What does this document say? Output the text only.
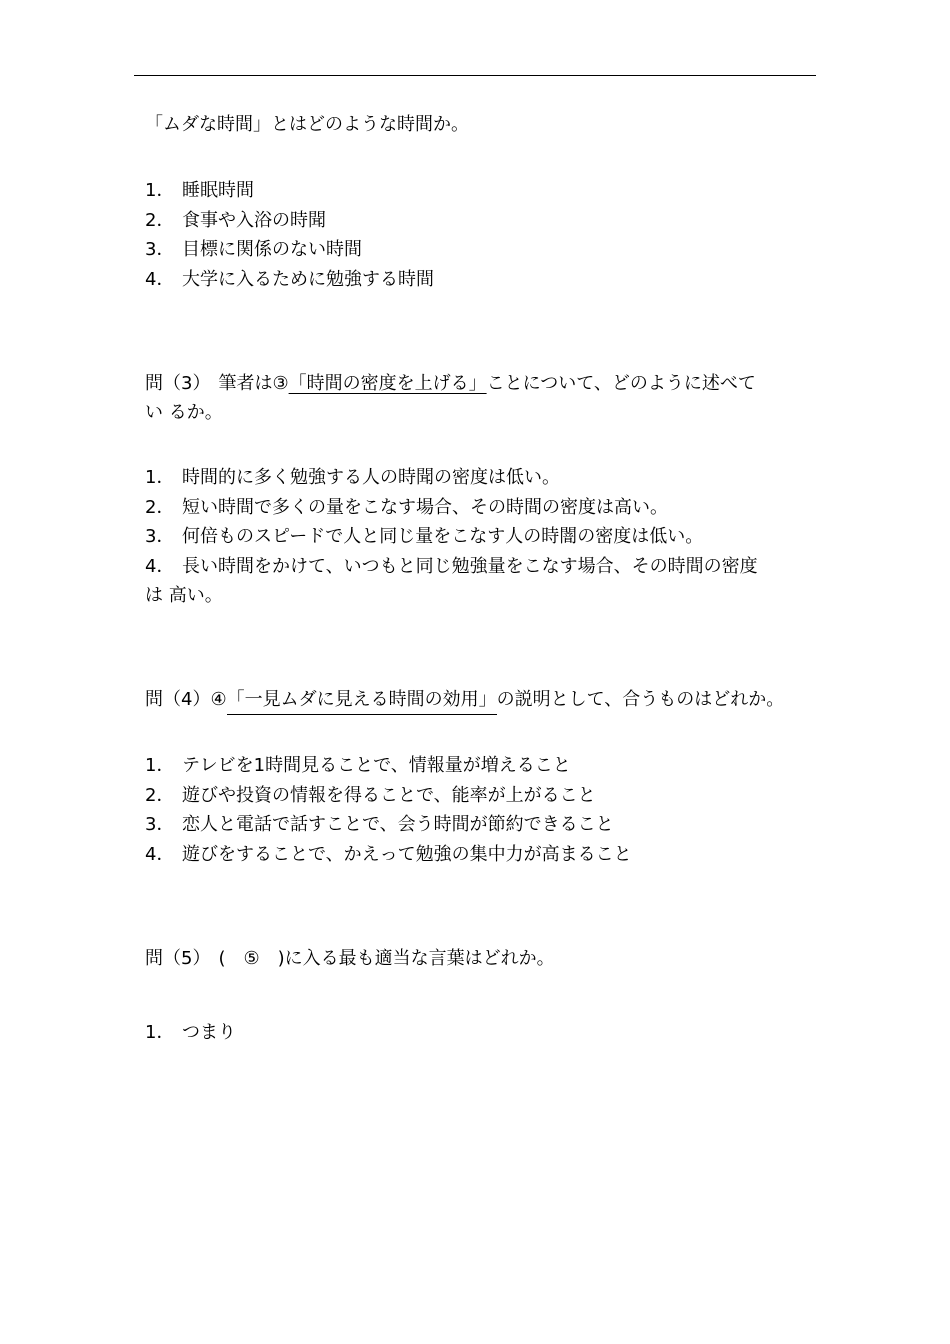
「ムダな時間」とはどのような時間か。
1． 睡眠時間
2． 食事や入浴の時聞
3． 目標に関係のない時間
4． 大学に入るために勉強する時間
問（3） 筆者は③「時間の密度を上げる」ことについて、どのように述べて
い るか。
1． 時間的に多く勉強する人の時聞の密度は低い。
2． 短い時間で多くの量をこなす場合、その時間の密度は高い。
3． 何倍ものスピードで人と同じ量をこなす人の時闇の密度は低い。
4． 長い時間をかけて、いつもと同じ勉強量をこなす場合、その時間の密度
は 高い。
問（4）④「一見ムダに見える時間の効用」の説明として、合うものはどれか。
1． テレビを1時間見ることで、情報量が増えること
2． 遊びや投資の情報を得ることで、能率が上がること
3． 恋人と電話で話すことで、会う時間が節約できること
4． 遊びをすることで、かえって勉強の集中力が高まること
問（5） (　⑤　)に入る最も適当な言葉はどれか。
1． つまり
